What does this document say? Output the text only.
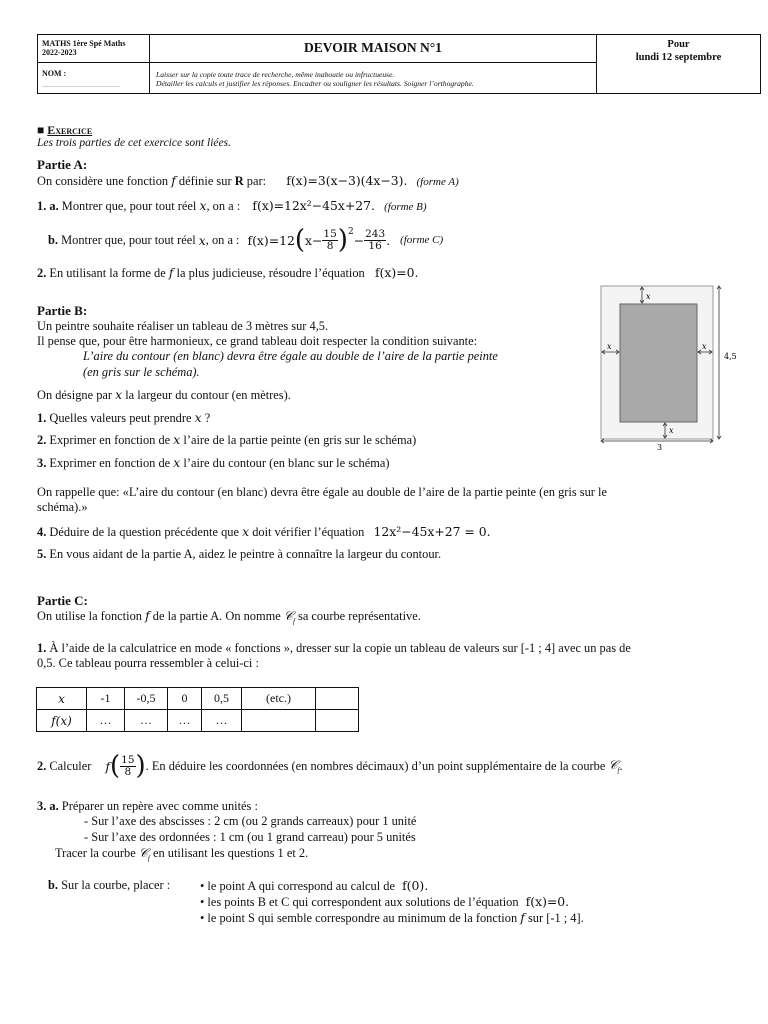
MATHS 1ère Spé Maths
2022-2023
NOM :
…………………………………
DEVOIR MAISON N°1
Laisser sur la copie toute trace de recherche, même inaboutie ou infructueuse.
Détailler les calculs et justifier les réponses. Encadrer ou souligner les résultats. Soigner l’orthographe.
Pour
lundi 12 septembre
■ Exercice
Les trois parties de cet exercice sont liées.
Partie A:
On considère une fonction f définie sur R par: f(x)=3(x−3)(4x−3). (forme A)
1. a. Montrer que, pour tout réel x, on a : f(x)=12x²−45x+27. (forme B)
b.
Montrer que, pour tout réel
x , on a : f(x)=12 ( $x- \frac{15}{8} )^2$
− $\frac{243}{16}$ . (forme C)
2. En utilisant la forme de f la plus judicieuse, résoudre l’équation f(x)=0.
Partie B:
Un peintre souhaite réaliser un tableau de 3 mètres sur 4,5.
Il pense que, pour être harmonieux, ce grand tableau doit respecter la condition suivante:
L’aire du contour (en blanc) devra être égale au double de l’aire de la partie peinte
(en gris sur le schéma).
On désigne par x la largeur du contour (en mètres).
1. Quelles valeurs peut prendre x ?
2. Exprimer en fonction de x l’aire de la partie peinte (en gris sur le schéma)
3. Exprimer en fonction de x l’aire du contour (en blanc sur le schéma)
On rappelle que: «L’aire du contour (en blanc) devra être égale au double de l’aire de la partie peinte (en gris sur le
schéma).»
4. Déduire de la question précédente que x doit vérifier l’équation 12x²−45x+27 = 0.
5. En vous aidant de la partie A, aidez le peintre à connaître la largeur du contour.
x
x	x
x
4,5
3
Partie C:
On utilise la fonction f de la partie A. On nomme 𝒞$_f$ sa courbe représentative.
1. À l’aide de la calculatrice en mode « fonctions », dresser sur la copie un tableau de valeurs sur [-1 ; 4] avec un pas de
0,5. Ce tableau pourra ressembler à celui-ci :
x	-1	-0,5	0	0,5	(etc.)	
f(x)	…	…	…	…		
2.
Calculer f ( $\frac{15}{8}$ ) . En déduire les coordonnées (en nombres décimaux) d’un point supplémentaire de la courbe
𝒞$_f$ .
3. a. Préparer un repère avec comme unités :
- Sur l’axe des abscisses : 2 cm (ou 2 grands carreaux) pour 1 unité
- Sur l’axe des ordonnées : 1 cm (ou 1 grand carreau) pour 5 unités
Tracer la courbe 𝒞$_f$ en utilisant les questions 1 et 2.
b. Sur la courbe, placer : • le point A qui correspond au calcul de f(0).
• les points B et C qui correspondent aux solutions de l’équation f(x)=0.
• le point S qui semble correspondre au minimum de la fonction f sur [-1 ; 4].
